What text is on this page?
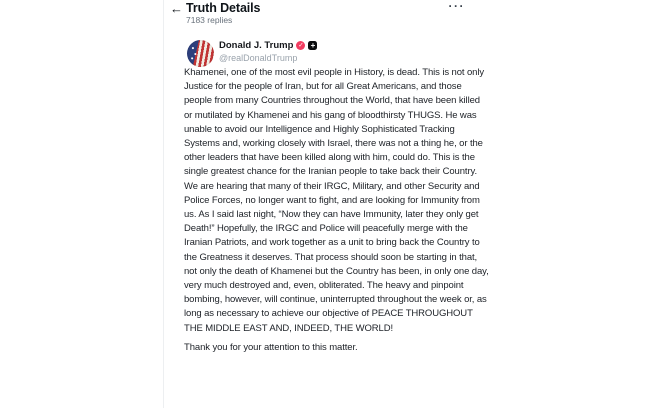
← Truth Details
7183 replies
···
Donald J. Trump ✓ +
@realDonaldTrump

Khamenei, one of the most evil people in History, is dead. This is not only Justice for the people of Iran, but for all Great Americans, and those people from many Countries throughout the World, that have been killed or mutilated by Khamenei and his gang of bloodthirsty THUGS. He was unable to avoid our Intelligence and Highly Sophisticated Tracking Systems and, working closely with Israel, there was not a thing he, or the other leaders that have been killed along with him, could do. This is the single greatest chance for the Iranian people to take back their Country. We are hearing that many of their IRGC, Military, and other Security and Police Forces, no longer want to fight, and are looking for Immunity from us. As I said last night, “Now they can have Immunity, later they only get Death!” Hopefully, the IRGC and Police will peacefully merge with the Iranian Patriots, and work together as a unit to bring back the Country to the Greatness it deserves. That process should soon be starting in that, not only the death of Khamenei but the Country has been, in only one day, very much destroyed and, even, obliterated. The heavy and pinpoint bombing, however, will continue, uninterrupted throughout the week or, as long as necessary to achieve our objective of PEACE THROUGHOUT THE MIDDLE EAST AND, INDEED, THE WORLD!

Thank you for your attention to this matter.
